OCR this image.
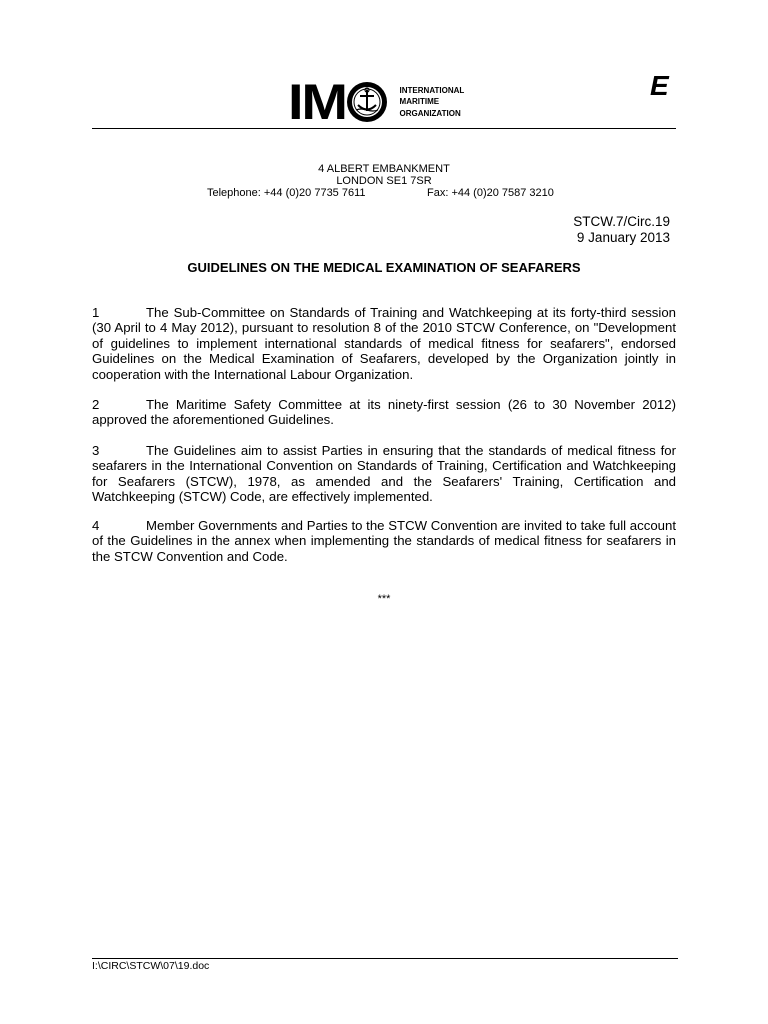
IM	INTERNATIONAL
MARITIME
ORGANIZATION
E
4 ALBERT EMBANKMENT
LONDON SE1 7SR
Telephone: +44 (0)20 7735 7611	Fax: +44 (0)20 7587 3210
STCW.7/Circ.19
9 January 2013
GUIDELINES ON THE MEDICAL EXAMINATION OF SEAFARERS
1	The Sub-Committee on Standards of Training and Watchkeeping at its forty-third session (30 April to 4 May 2012), pursuant to resolution 8 of the 2010 STCW Conference, on "Development of guidelines to implement international standards of medical fitness for seafarers", endorsed Guidelines on the Medical Examination of Seafarers, developed by the Organization jointly in cooperation with the International Labour Organization.
2	The Maritime Safety Committee at its ninety-first session (26 to 30 November 2012) approved the aforementioned Guidelines.
3	The Guidelines aim to assist Parties in ensuring that the standards of medical fitness for seafarers in the International Convention on Standards of Training, Certification and Watchkeeping for Seafarers (STCW), 1978, as amended and the Seafarers' Training, Certification and Watchkeeping (STCW) Code, are effectively implemented.
4	Member Governments and Parties to the STCW Convention are invited to take full account of the Guidelines in the annex when implementing the standards of medical fitness for seafarers in the STCW Convention and Code.
***
I:\CIRC\STCW\07\19.doc
